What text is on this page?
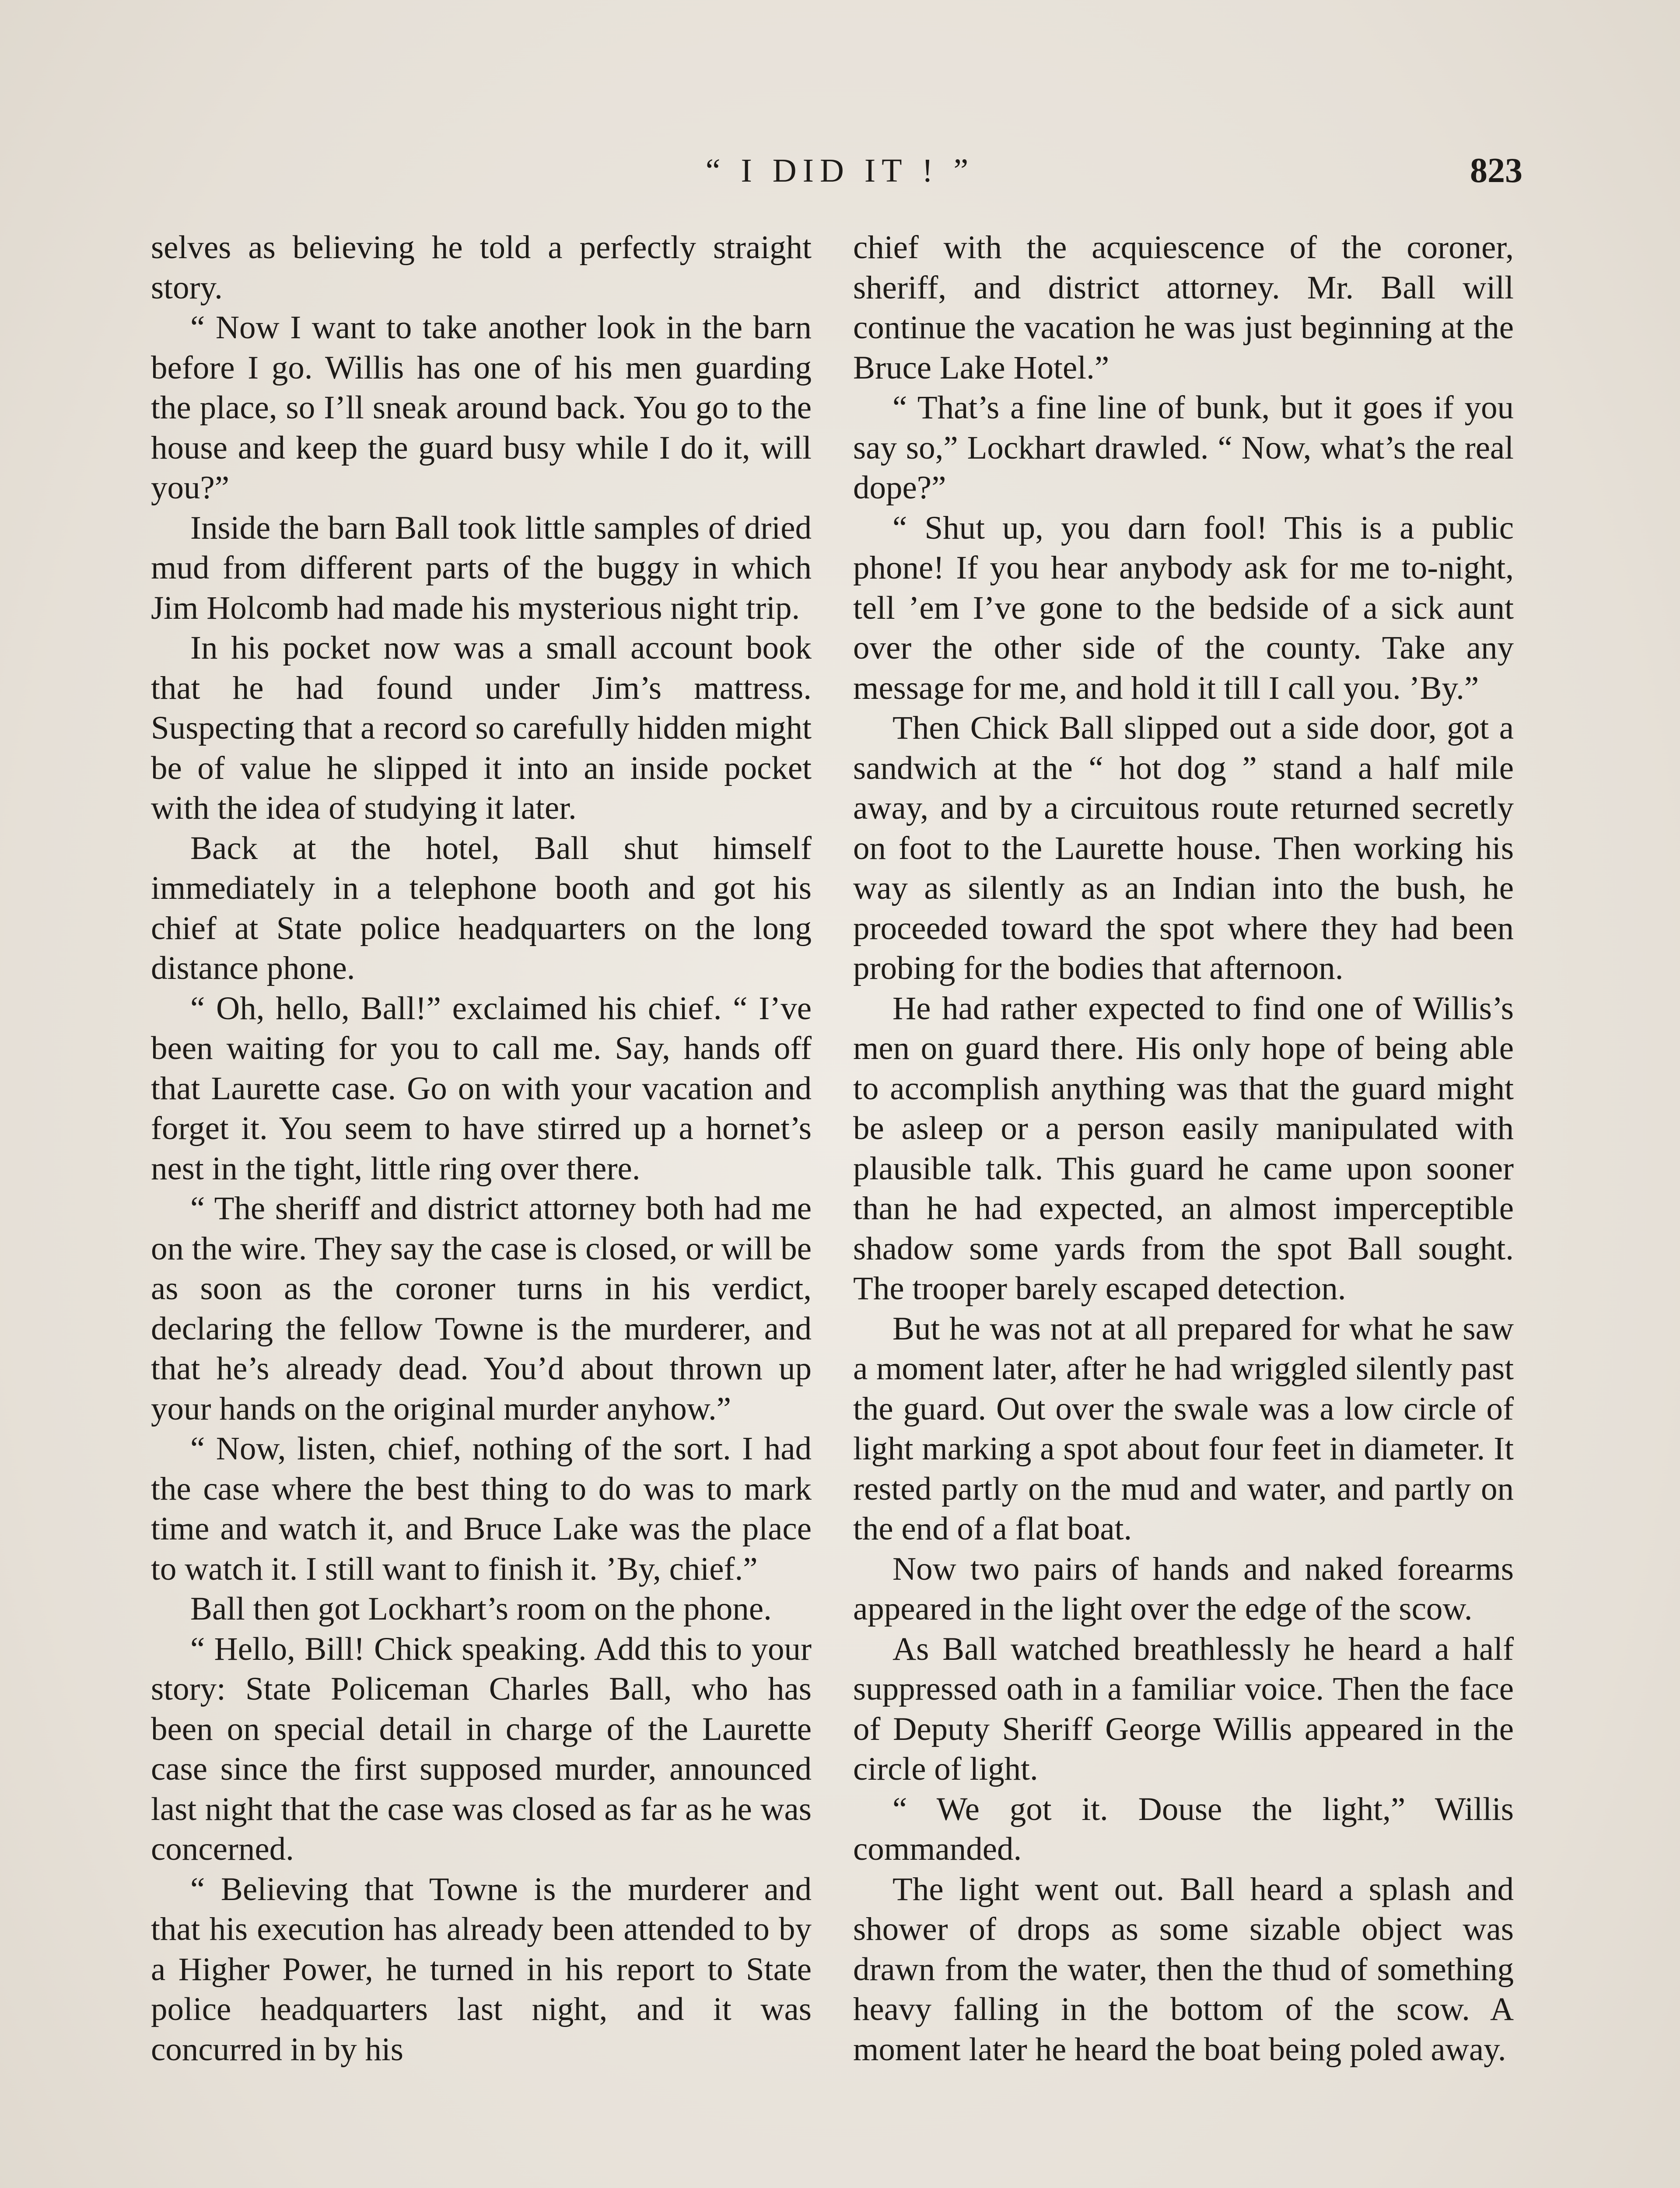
“ I DID IT ! ”	823

selves as believing he told a perfectly straight story.

“ Now I want to take another look in the barn before I go. Willis has one of his men guarding the place, so I’ll sneak around back. You go to the house and keep the guard busy while I do it, will you?”

Inside the barn Ball took little samples of dried mud from different parts of the buggy in which Jim Holcomb had made his mysterious night trip.

In his pocket now was a small account book that he had found under Jim’s mattress. Suspecting that a record so carefully hidden might be of value he slipped it into an inside pocket with the idea of studying it later.

Back at the hotel, Ball shut himself immediately in a telephone booth and got his chief at State police headquarters on the long distance phone.

“ Oh, hello, Ball!” exclaimed his chief. “ I’ve been waiting for you to call me. Say, hands off that Laurette case. Go on with your vacation and forget it. You seem to have stirred up a hornet’s nest in the tight, little ring over there.

“ The sheriff and district attorney both had me on the wire. They say the case is closed, or will be as soon as the coroner turns in his verdict, declaring the fellow Towne is the murderer, and that he’s already dead. You’d about thrown up your hands on the original murder anyhow.”

“ Now, listen, chief, nothing of the sort. I had the case where the best thing to do was to mark time and watch it, and Bruce Lake was the place to watch it. I still want to finish it. ’By, chief.”

Ball then got Lockhart’s room on the phone.

“ Hello, Bill! Chick speaking. Add this to your story: State Policeman Charles Ball, who has been on special detail in charge of the Laurette case since the first supposed murder, announced last night that the case was closed as far as he was concerned.

“ Believing that Towne is the murderer and that his execution has already been attended to by a Higher Power, he turned in his report to State police headquarters last night, and it was concurred in by his

chief with the acquiescence of the coroner, sheriff, and district attorney. Mr. Ball will continue the vacation he was just beginning at the Bruce Lake Hotel.”

“ That’s a fine line of bunk, but it goes if you say so,” Lockhart drawled. “ Now, what’s the real dope?”

“ Shut up, you darn fool! This is a public phone! If you hear anybody ask for me to-night, tell ’em I’ve gone to the bedside of a sick aunt over the other side of the county. Take any message for me, and hold it till I call you. ’By.”

Then Chick Ball slipped out a side door, got a sandwich at the “ hot dog ” stand a half mile away, and by a circuitous route returned secretly on foot to the Laurette house. Then working his way as silently as an Indian into the bush, he proceeded toward the spot where they had been probing for the bodies that afternoon.

He had rather expected to find one of Willis’s men on guard there. His only hope of being able to accomplish anything was that the guard might be asleep or a person easily manipulated with plausible talk. This guard he came upon sooner than he had expected, an almost imperceptible shadow some yards from the spot Ball sought. The trooper barely escaped detection.

But he was not at all prepared for what he saw a moment later, after he had wriggled silently past the guard. Out over the swale was a low circle of light marking a spot about four feet in diameter. It rested partly on the mud and water, and partly on the end of a flat boat.

Now two pairs of hands and naked forearms appeared in the light over the edge of the scow.

As Ball watched breathlessly he heard a half suppressed oath in a familiar voice. Then the face of Deputy Sheriff George Willis appeared in the circle of light.

“ We got it. Douse the light,” Willis commanded.

The light went out. Ball heard a splash and shower of drops as some sizable object was drawn from the water, then the thud of something heavy falling in the bottom of the scow. A moment later he heard the boat being poled away.
